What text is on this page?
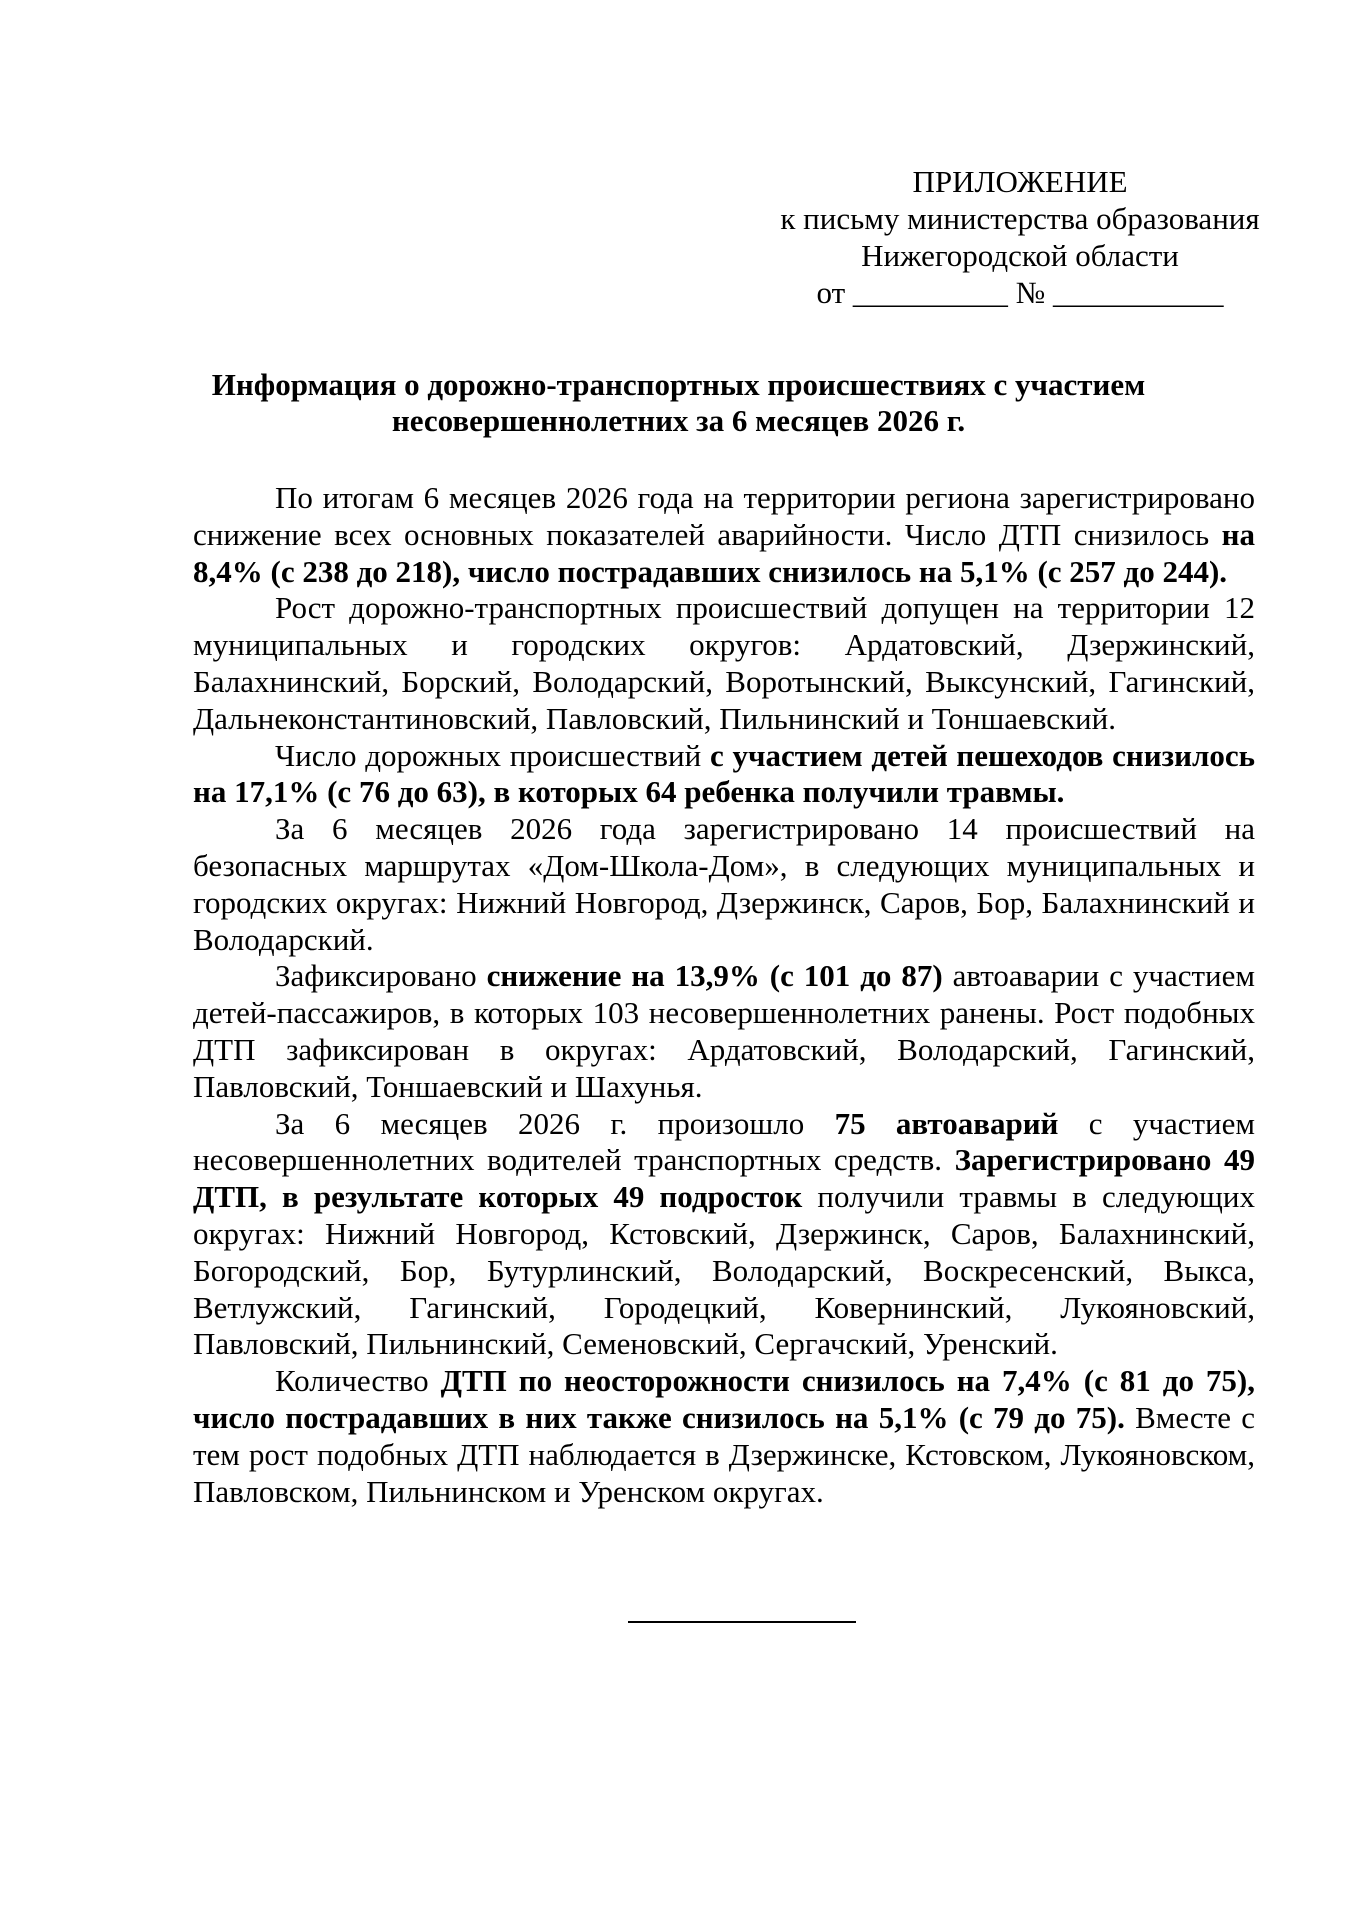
ПРИЛОЖЕНИЕ
к письму министерства образования
Нижегородской области
от __________ № ___________
Информация о дорожно-транспортных происшествиях с участием
несовершеннолетних за 6 месяцев 2026 г.

По итогам 6 месяцев 2026 года на территории региона зарегистрировано снижение всех основных показателей аварийности. Число ДТП снизилось на 8,4% (с 238 до 218), число пострадавших снизилось на 5,1% (с 257 до 244).

Рост дорожно-транспортных происшествий допущен на территории 12 муниципальных и городских округов: Ардатовский, Дзержинский, Балахнинский, Борский, Володарский, Воротынский, Выксунский, Гагинский, Дальнеконстантиновский, Павловский, Пильнинский и Тоншаевский.

Число дорожных происшествий с участием детей пешеходов снизилось на 17,1% (с 76 до 63), в которых 64 ребенка получили травмы.

За 6 месяцев 2026 года зарегистрировано 14 происшествий на безопасных маршрутах «Дом-Школа-Дом», в следующих муниципальных и городских округах: Нижний Новгород, Дзержинск, Саров, Бор, Балахнинский и Володарский.

Зафиксировано снижение на 13,9% (с 101 до 87) автоаварии с участием детей-пассажиров, в которых 103 несовершеннолетних ранены. Рост подобных ДТП зафиксирован в округах: Ардатовский, Володарский, Гагинский, Павловский, Тоншаевский и Шахунья.

За 6 месяцев 2026 г. произошло 75 автоаварий с участием несовершеннолетних водителей транспортных средств. Зарегистрировано 49 ДТП, в результате которых 49 подросток получили травмы в следующих округах: Нижний Новгород, Кстовский, Дзержинск, Саров, Балахнинский, Богородский, Бор, Бутурлинский, Володарский, Воскресенский, Выкса, Ветлужский, Гагинский, Городецкий, Ковернинский, Лукояновский, Павловский, Пильнинский, Семеновский, Сергачский, Уренский.

Количество ДТП по неосторожности снизилось на 7,4% (с 81 до 75), число пострадавших в них также снизилось на 5,1% (с 79 до 75). Вместе с тем рост подобных ДТП наблюдается в Дзержинске, Кстовском, Лукояновском, Павловском, Пильнинском и Уренском округах.
